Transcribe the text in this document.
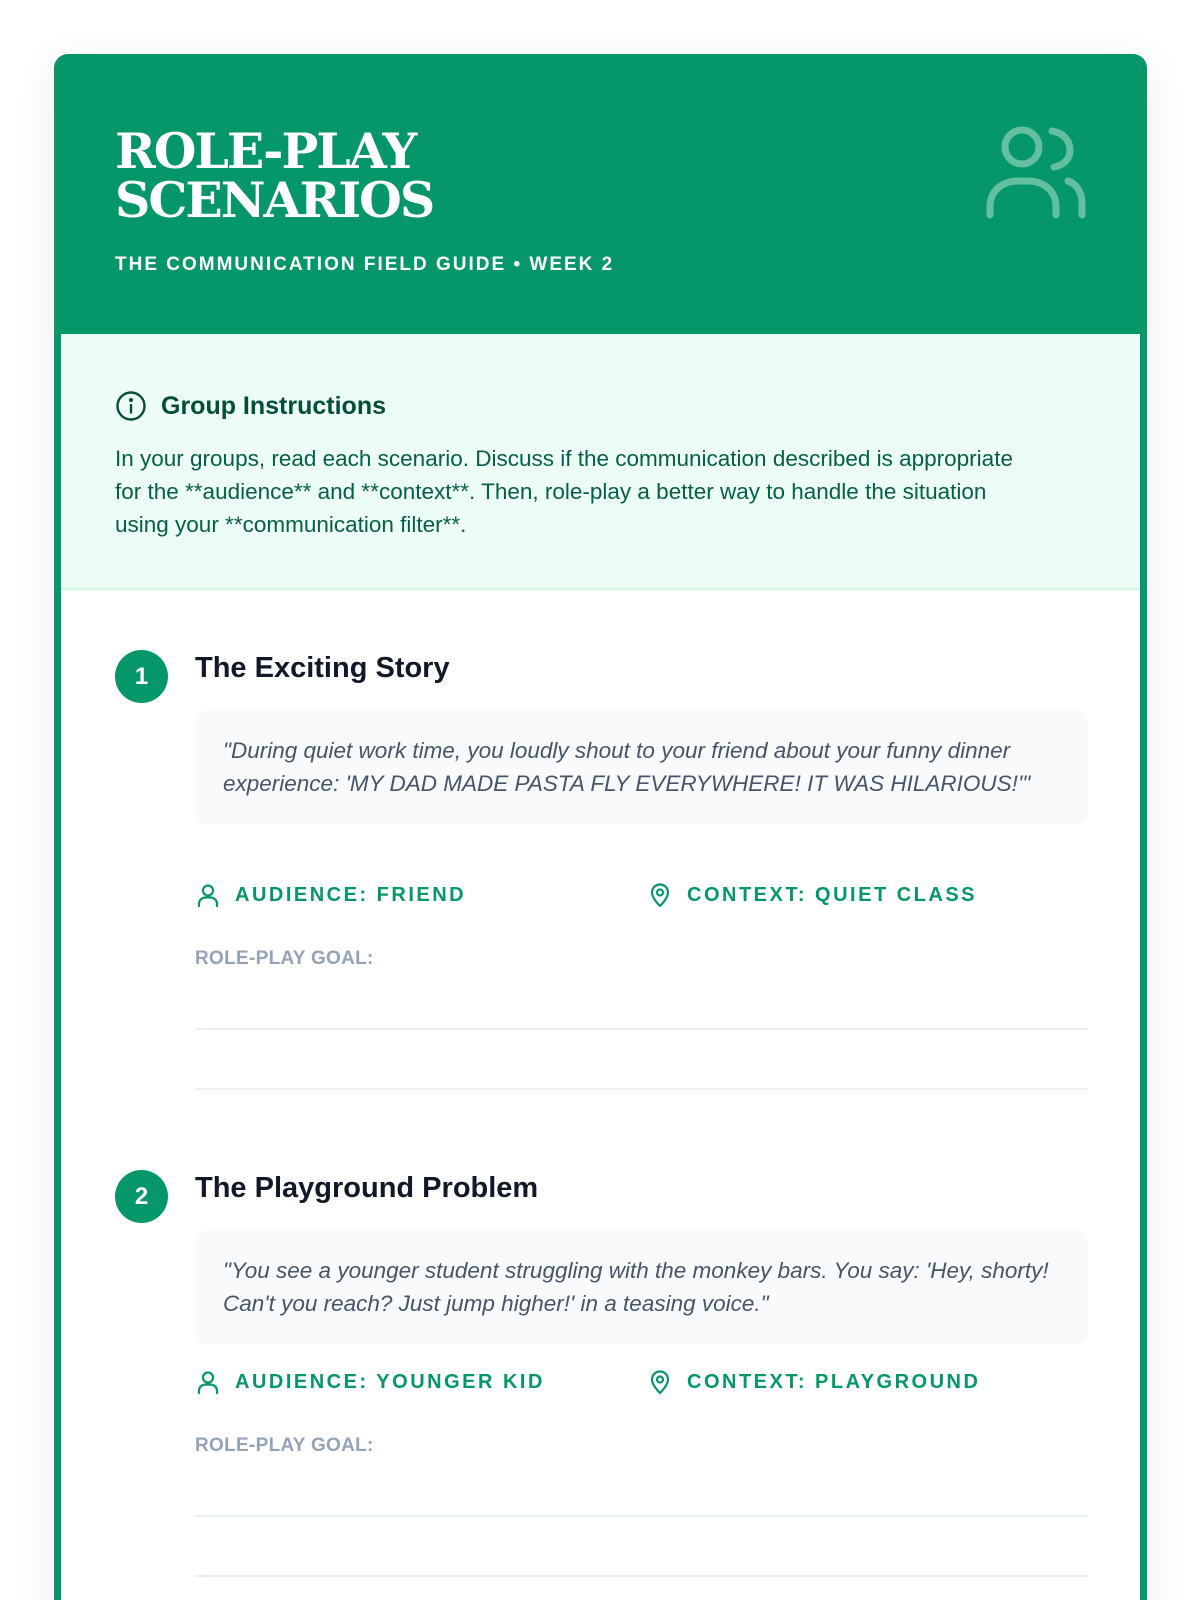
ROLE-PLAY
SCENARIOS
THE COMMUNICATION FIELD GUIDE • WEEK 2
Group Instructions
In your groups, read each scenario. Discuss if the communication described is appropriate for the **audience** and **context**. Then, role-play a better way to handle the situation using your **communication filter**.
1	The Exciting Story
"During quiet work time, you loudly shout to your friend about your funny dinner experience: 'MY DAD MADE PASTA FLY EVERYWHERE! IT WAS HILARIOUS!'"
AUDIENCE: FRIEND	CONTEXT: QUIET CLASS
ROLE-PLAY GOAL:
2	The Playground Problem
"You see a younger student struggling with the monkey bars. You say: 'Hey, shorty! Can't you reach? Just jump higher!' in a teasing voice."
AUDIENCE: YOUNGER KID	CONTEXT: PLAYGROUND
ROLE-PLAY GOAL:
